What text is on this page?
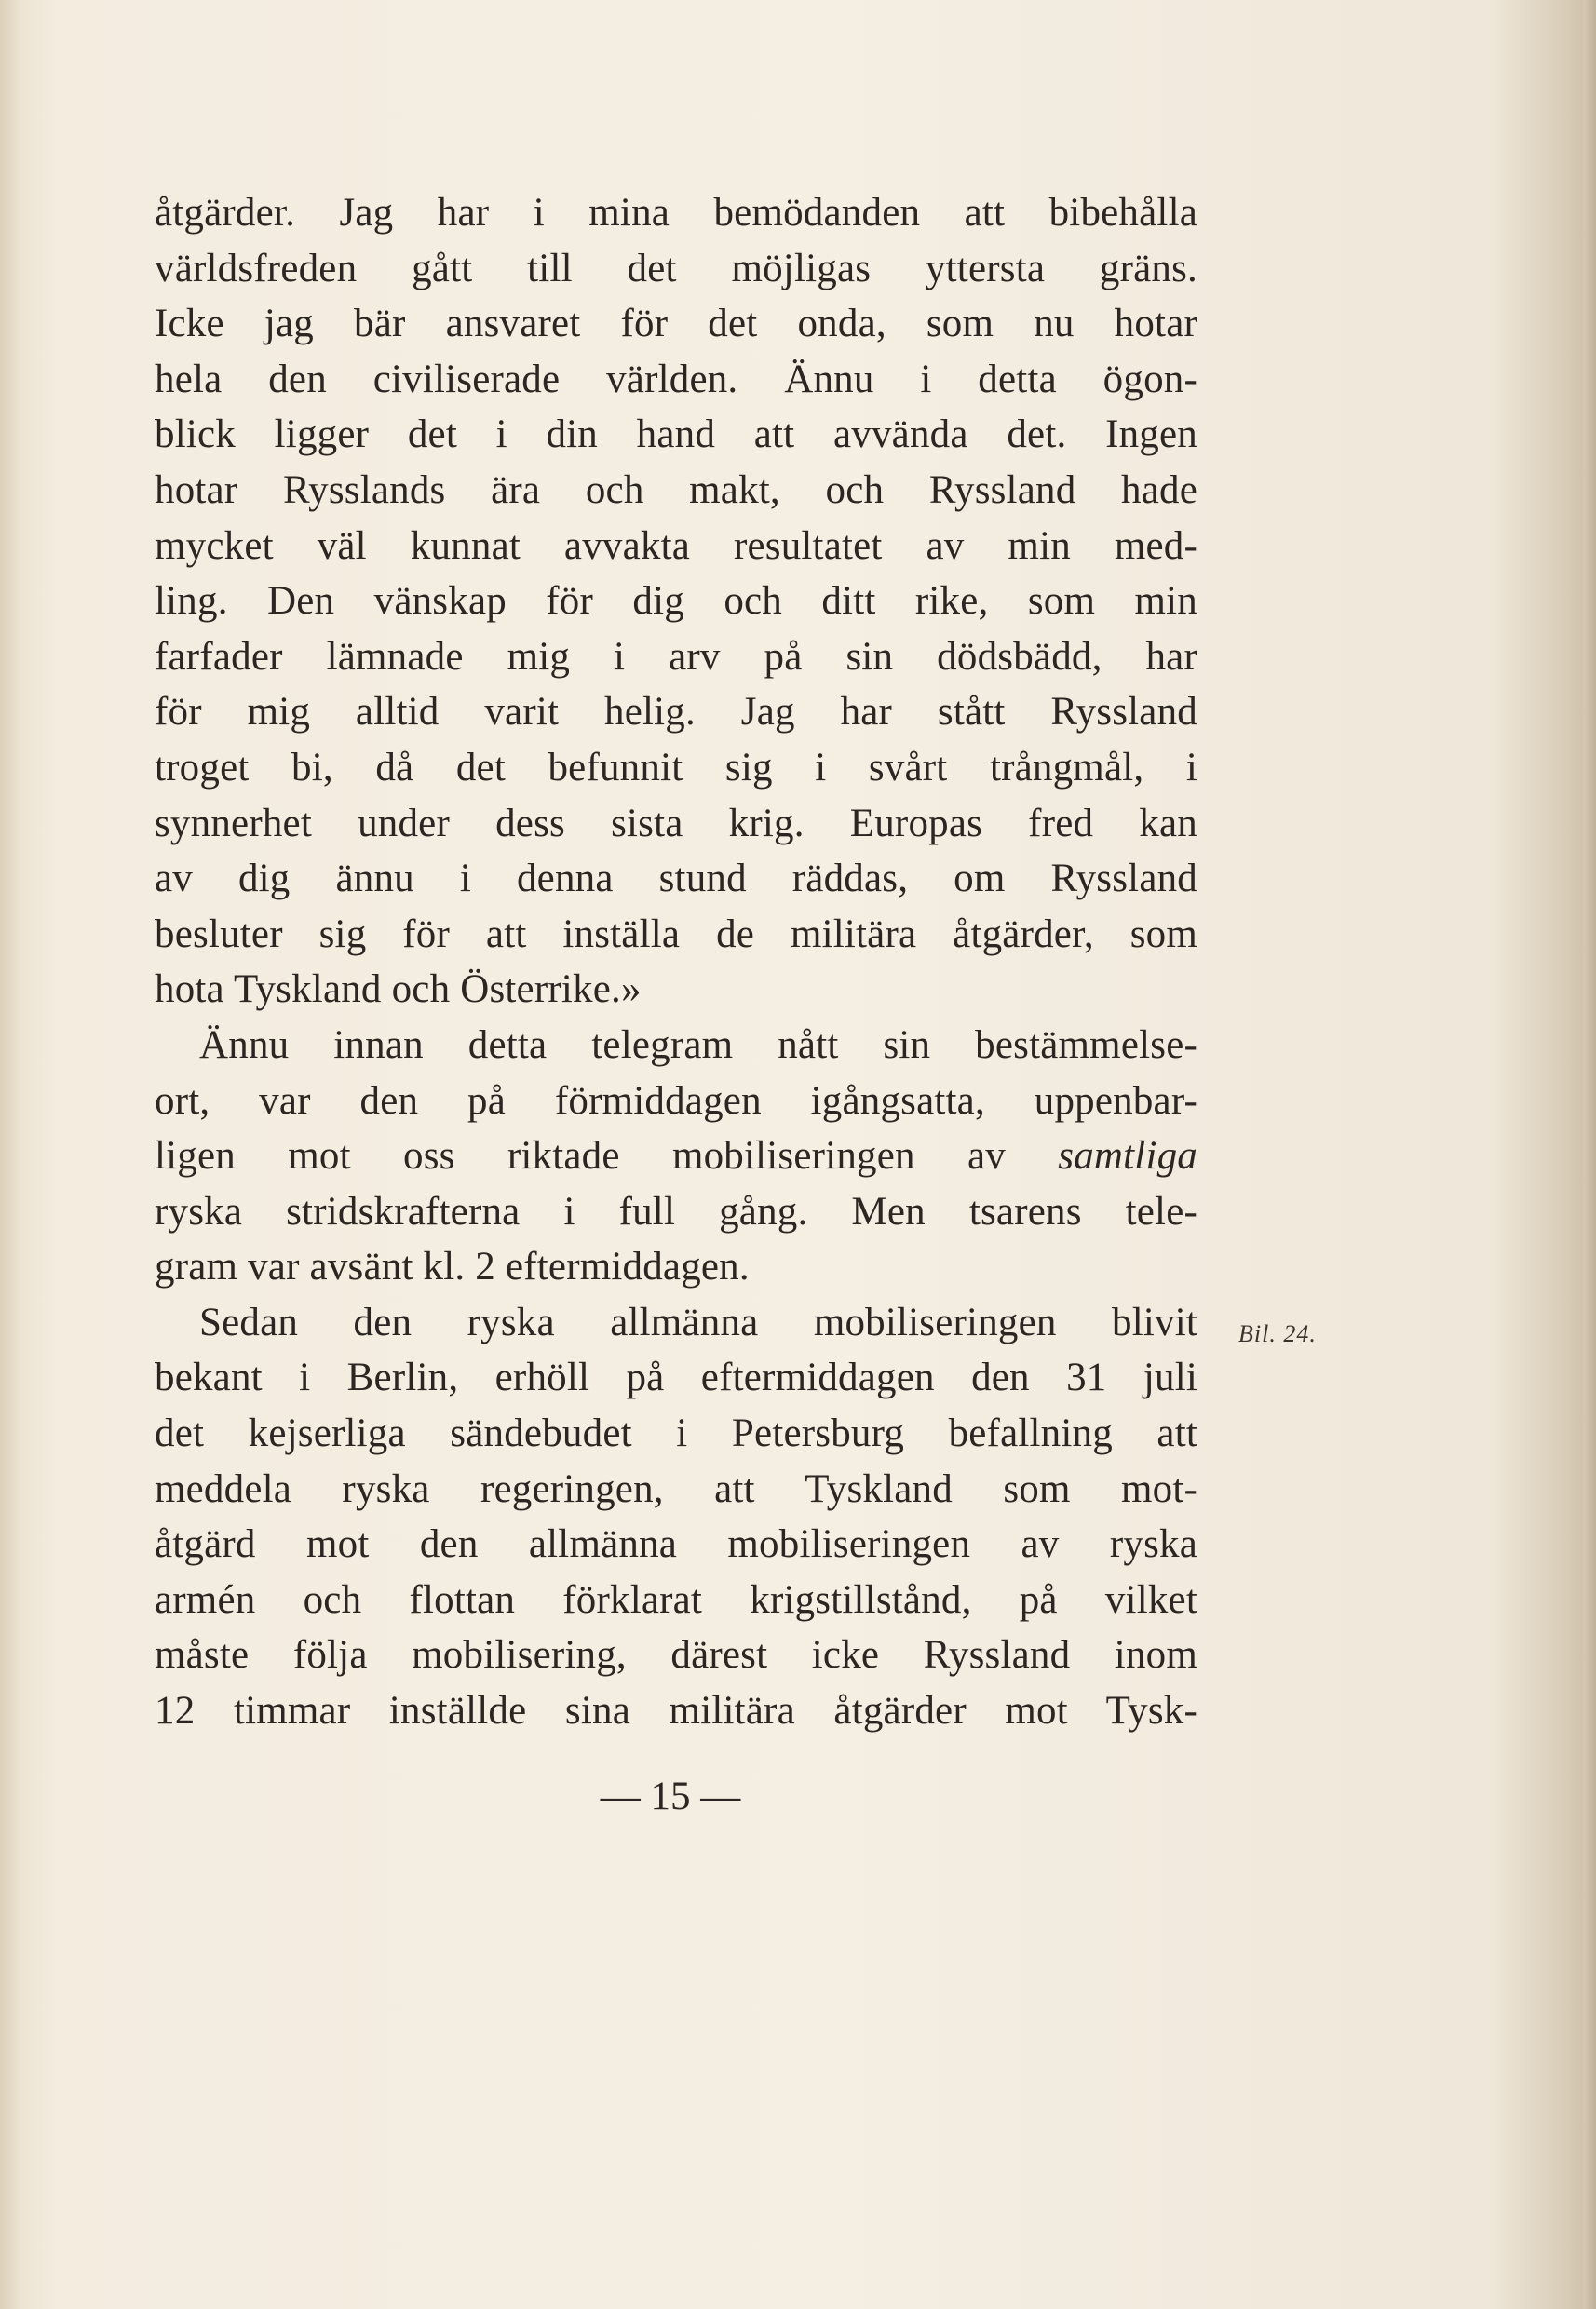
åtgärder. Jag har i mina bemödanden att bibehålla
världsfreden gått till det möjligas yttersta gräns.
Icke jag bär ansvaret för det onda, som nu hotar
hela den civiliserade världen. Ännu i detta ögon-
blick ligger det i din hand att avvända det. Ingen
hotar Rysslands ära och makt, och Ryssland hade
mycket väl kunnat avvakta resultatet av min med-
ling. Den vänskap för dig och ditt rike, som min
farfader lämnade mig i arv på sin dödsbädd, har
för mig alltid varit helig. Jag har stått Ryssland
troget bi, då det befunnit sig i svårt trångmål, i
synnerhet under dess sista krig. Europas fred kan
av dig ännu i denna stund räddas, om Ryssland
besluter sig för att inställa de militära åtgärder, som
hota Tyskland och Österrike.»
Ännu innan detta telegram nått sin bestämmelse-
ort, var den på förmiddagen igångsatta, uppenbar-
ligen mot oss riktade mobiliseringen av samtliga
ryska stridskrafterna i full gång. Men tsarens tele-
gram var avsänt kl. 2 eftermiddagen.
Sedan den ryska allmänna mobiliseringen blivit
bekant i Berlin, erhöll på eftermiddagen den 31 juli
det kejserliga sändebudet i Petersburg befallning att
meddela ryska regeringen, att Tyskland som mot-
åtgärd mot den allmänna mobiliseringen av ryska
armén och flottan förklarat krigstillstånd, på vilket
måste följa mobilisering, därest icke Ryssland inom
12 timmar inställde sina militära åtgärder mot Tysk-
Bil. 24.
— 15 —
